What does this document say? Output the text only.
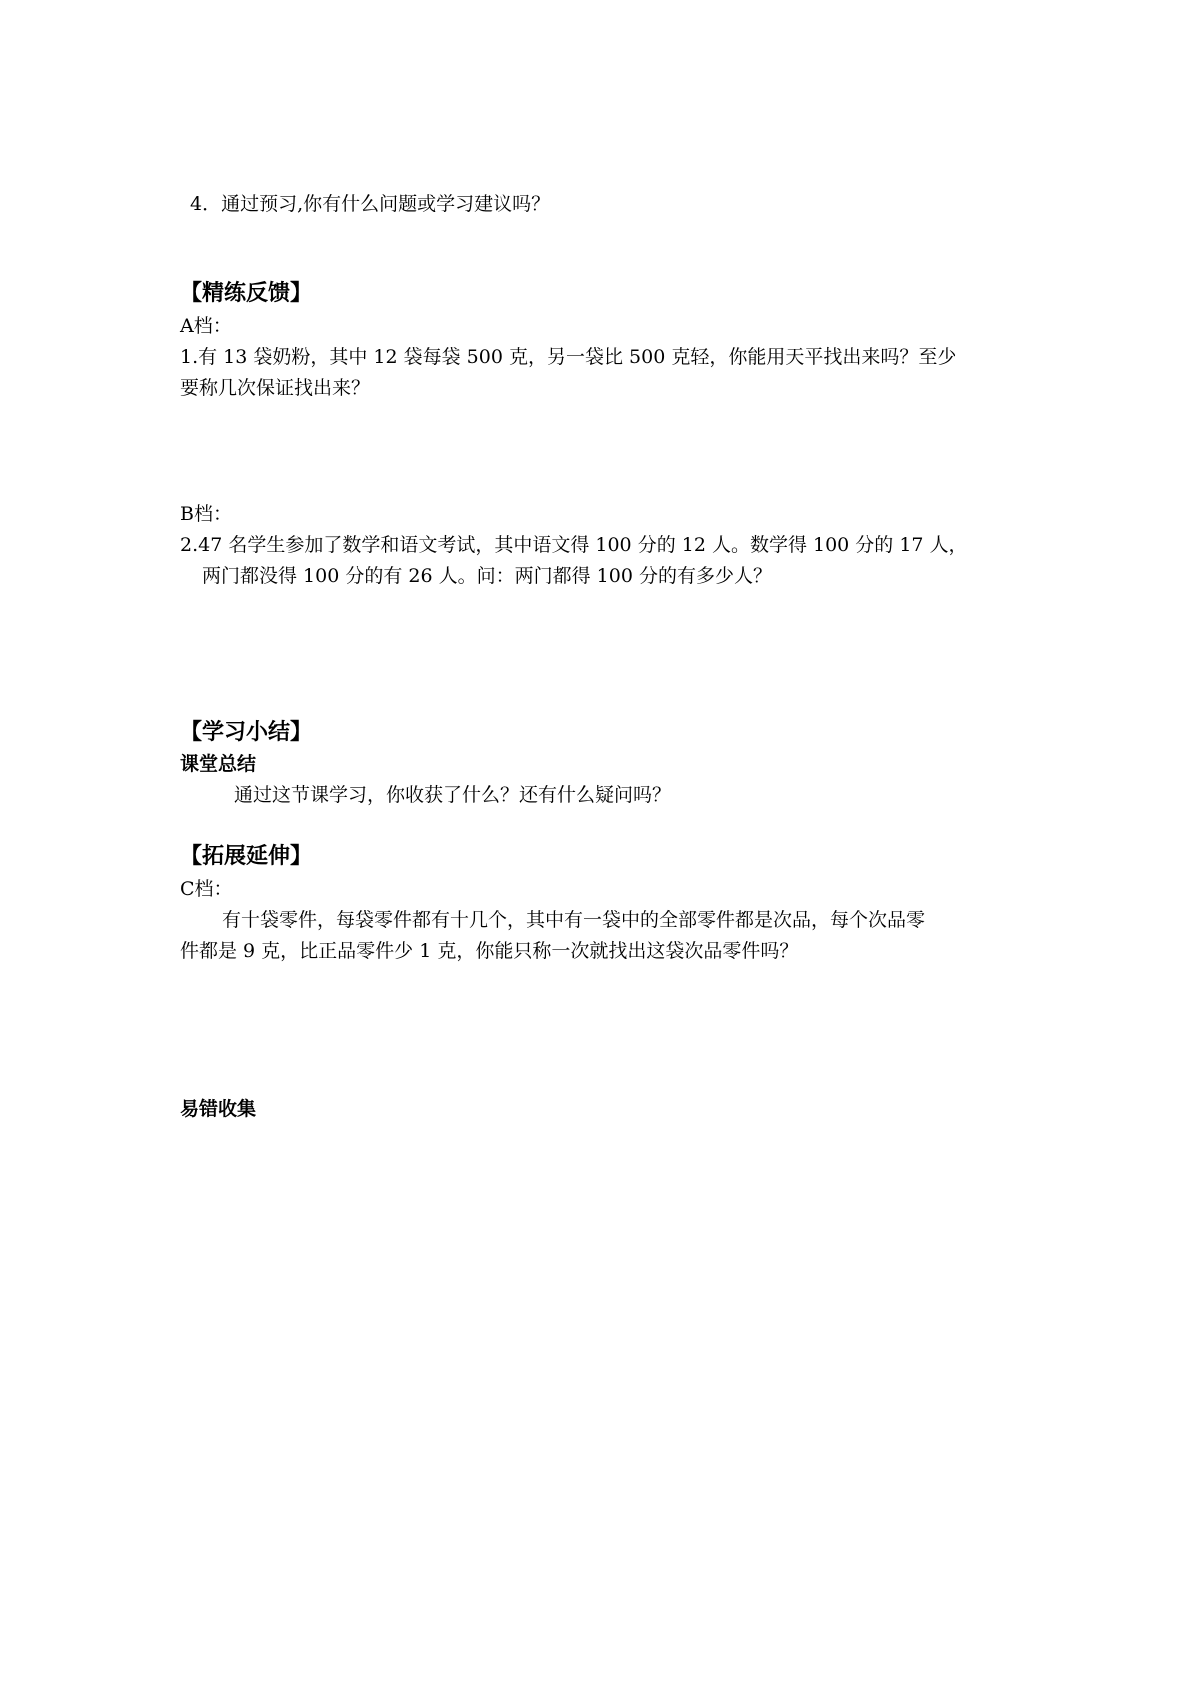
4．通过预习,你有什么问题或学习建议吗？
【精练反馈】
A档：
1.有 13 袋奶粉，其中 12 袋每袋 500 克，另一袋比 500 克轻，你能用天平找出来吗？至少
要称几次保证找出来？
B档：
2.47 名学生参加了数学和语文考试，其中语文得 100 分的 12 人。数学得 100 分的 17 人，
两门都没得 100 分的有 26 人。问：两门都得 100 分的有多少人？
【学习小结】
课堂总结
通过这节课学习，你收获了什么？还有什么疑问吗？
【拓展延伸】
C档：
有十袋零件，每袋零件都有十几个，其中有一袋中的全部零件都是次品，每个次品零
件都是 9 克，比正品零件少 1 克，你能只称一次就找出这袋次品零件吗？
易错收集
